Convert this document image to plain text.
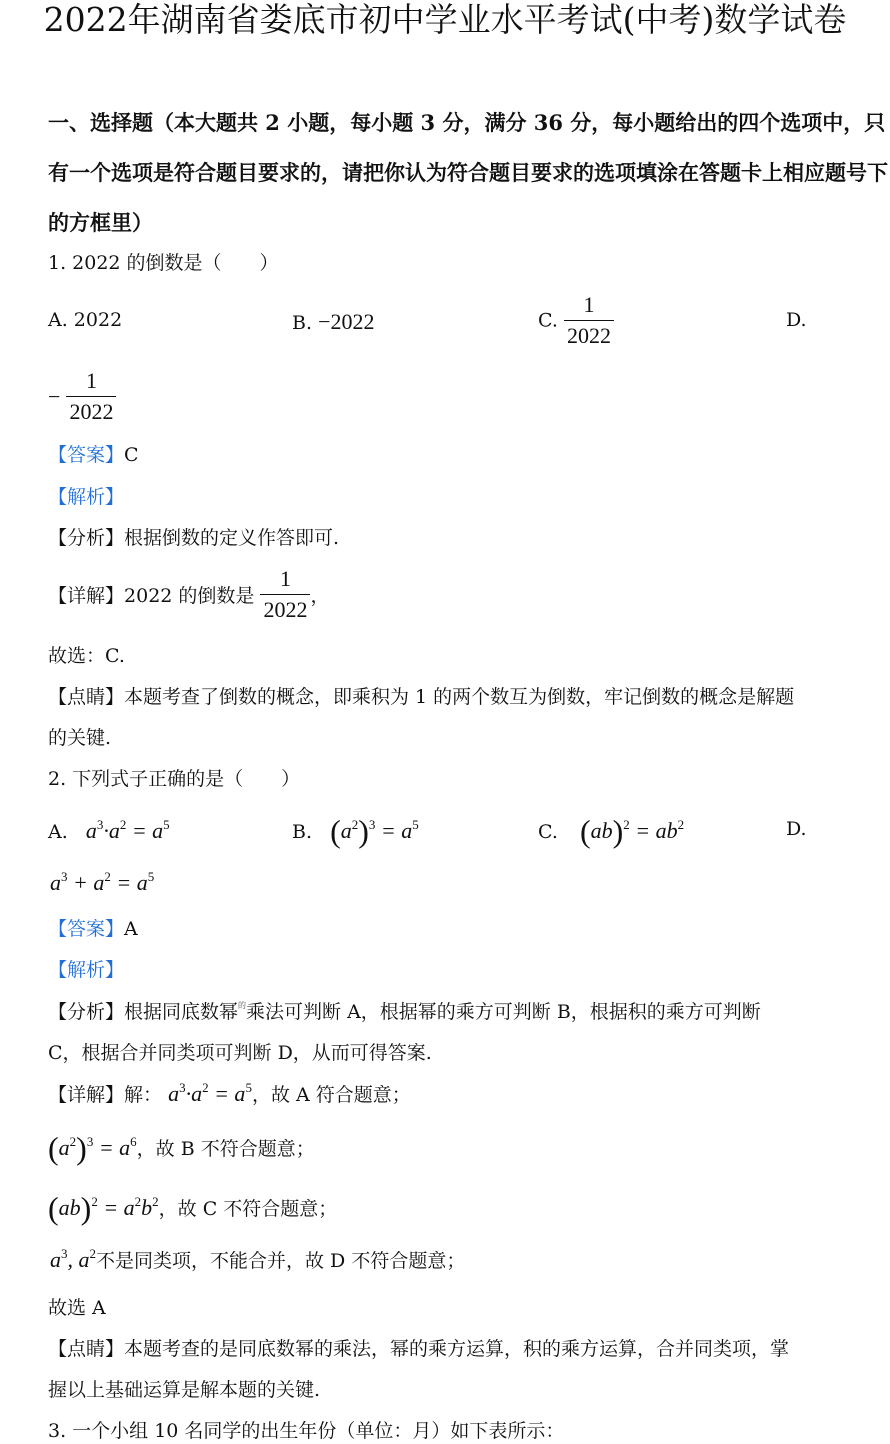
2022年湖南省娄底市初中学业水平考试(中考)数学试卷
一、选择题（本大题共 2 小题，每小题 3 分，满分 36 分，每小题给出的四个选项中，只有一个选项是符合题目要求的，请把你认为符合题目要求的选项填涂在答题卡上相应题号下的方框里）
1. 2022 的倒数是（　　）
A. 2022	B. −2022	C. $\frac{1}{2022}$	D.
− $\frac{1}{2022}$
【答案】C
【解析】
【分析】根据倒数的定义作答即可.
【详解】2022 的倒数是 $\frac{1}{2022}$ ，
故选：C.
【点睛】本题考查了倒数的概念，即乘积为 1 的两个数互为倒数，牢记倒数的概念是解题
的关键.
2. 下列式子正确的是（　　）
A. $a^3\cdot a^2 = a^5$	B. $(a^2)^3 = a^5$	C. $(ab)^2 = ab^2$	D.
$a^3 + a^2 = a^5$
【答案】A
【解析】
【分析】根据同底数幂$^的$乘法可判断 A，根据幂的乘方可判断 B，根据积的乘方可判断
C，根据合并同类项可判断 D，从而可得答案.
【详解】解： $a^3\cdot a^2 = a^5$，故 A 符合题意；
$(a^2)^3 = a^6$，故 B 不符合题意；
$(ab)^2 = a^2b^2$，故 C 不符合题意；
$a^3$, $a^2$不是同类项，不能合并，故 D 不符合题意；
故选 A
【点睛】本题考查的是同底数幂的乘法，幂的乘方运算，积的乘方运算，合并同类项，掌
握以上基础运算是解本题的关键.
3. 一个小组 10 名同学的出生年份（单位：月）如下表所示：
